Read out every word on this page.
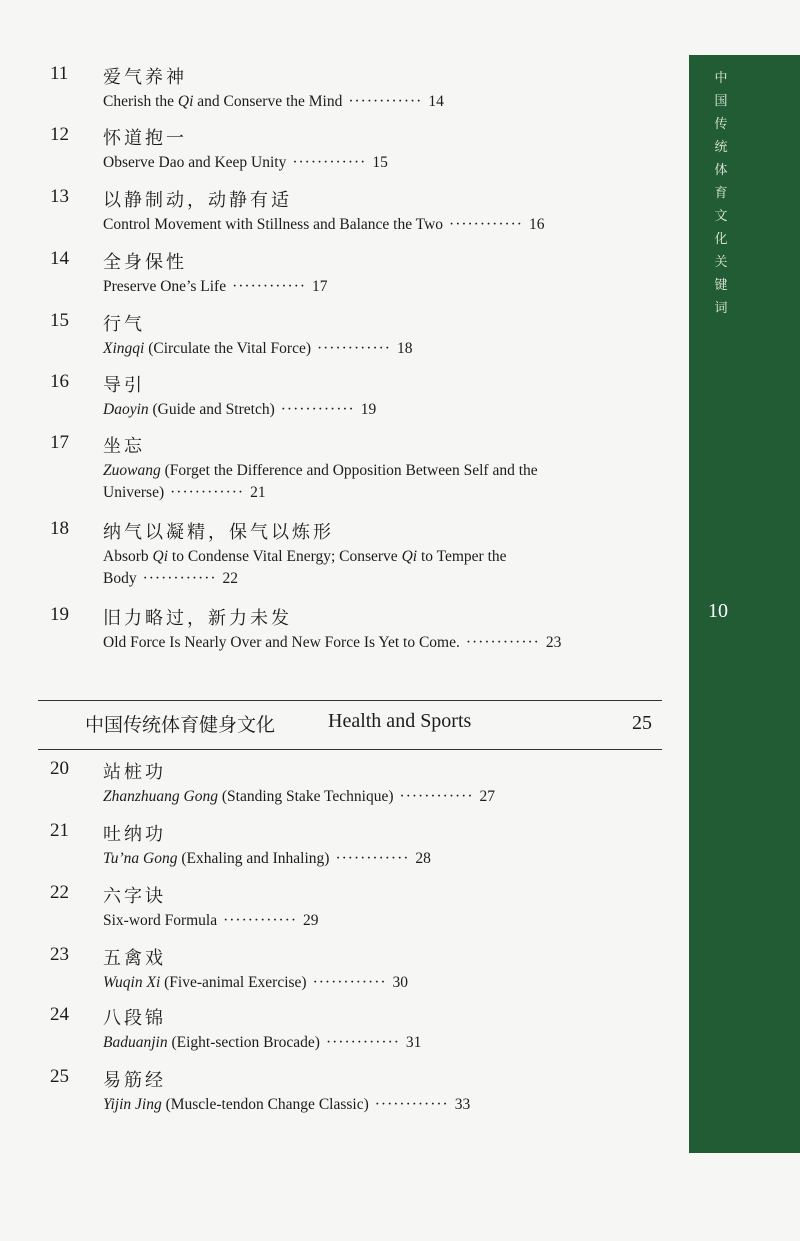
11 爱气养神
Cherish the Qi and Conserve the Mind ············ 14
12 怀道抱一
Observe Dao and Keep Unity ············ 15
13 以静制动，动静有适
Control Movement with Stillness and Balance the Two ············ 16
14 全身保性
Preserve One’s Life ············ 17
15 行气
Xingqi (Circulate the Vital Force) ············ 18
16 导引
Daoyin (Guide and Stretch) ············ 19
17 坐忘
Zuowang (Forget the Difference and Opposition Between Self and the Universe) ············ 21
18 纳气以凝精，保气以炼形
Absorb Qi to Condense Vital Energy; Conserve Qi to Temper the Body ············ 22
19 旧力略过，新力未发
Old Force Is Nearly Over and New Force Is Yet to Come. ············ 23
中国传统体育健身文化	Health and Sports	25
20 站桩功
Zhanzhuang Gong (Standing Stake Technique) ············ 27
21 吐纳功
Tu’na Gong (Exhaling and Inhaling) ············ 28
22 六字诀
Six-word Formula ············ 29
23 五禽戏
Wuqin Xi (Five-animal Exercise) ············ 30
24 八段锦
Baduanjin (Eight-section Brocade) ············ 31
25 易筋经
Yijin Jing (Muscle-tendon Change Classic) ············ 33
中国传统体育文化关键词
10
